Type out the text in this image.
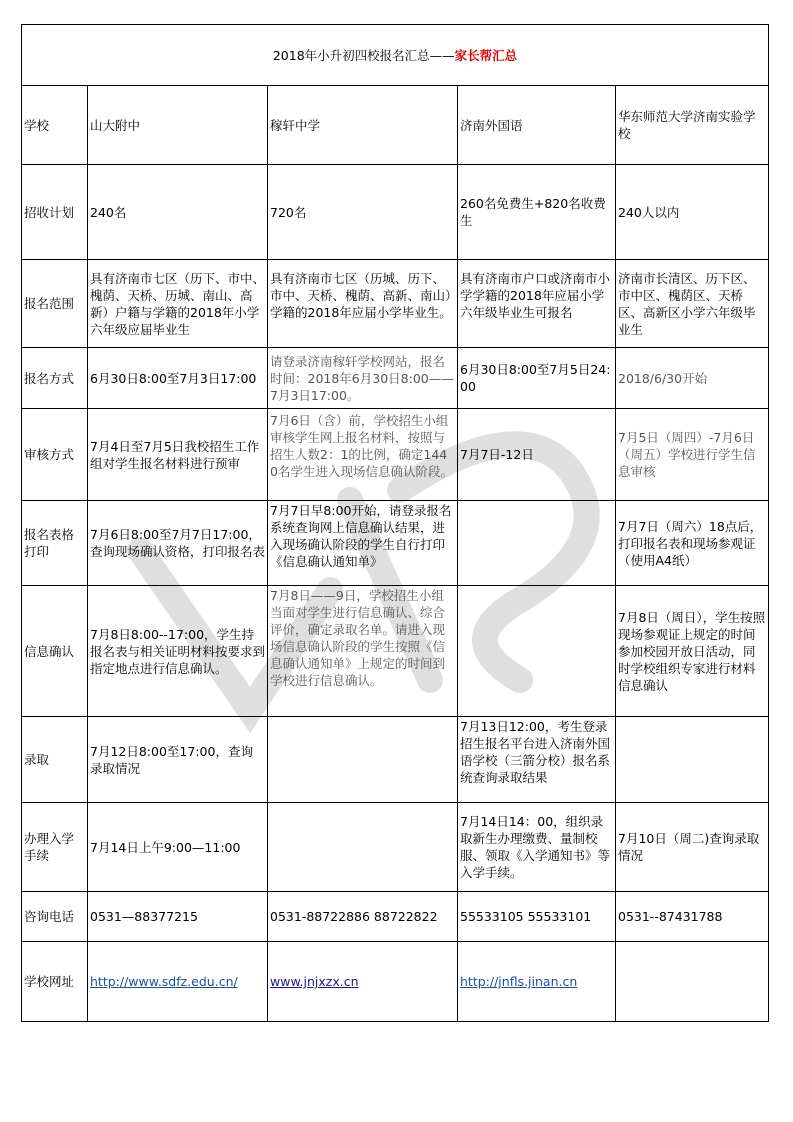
2018年小升初四校报名汇总——家长帮汇总				
学校	山大附中	稼轩中学	济南外国语	华东师范大学济南实验学校
招收计划	240名	720名	260名免费生+820名收费生	240人以内
报名范围	具有济南市七区（历下、市中、槐荫、天桥、历城、南山、高新）户籍与学籍的2018年小学六年级应届毕业生	具有济南市七区（历城、历下、市中、天桥、槐荫、高新、南山）学籍的2018年应届小学毕业生。	具有济南市户口或济南市小学学籍的2018年应届小学六年级毕业生可报名	济南市长清区、历下区、市中区、槐荫区、天桥区、高新区小学六年级毕业生

报名方式	6月30日8:00至7月3日17:00	请登录济南稼轩学校网站，报名时间：2018年6月30日8:00——7月3日17:00。	6月30日8:00至7月5日24:00	2018/6/30开始
审核方式	7月4日至7月5日我校招生工作组对学生报名材料进行预审	7月6日（含）前，学校招生小组审核学生网上报名材料，按照与招生人数2：1的比例，确定1440名学生进入现场信息确认阶段。	7月7日-12日	7月5日（周四）-7月6日（周五）学校进行学生信息审核
报名表格打印	7月6日8:00至7月7日17:00，查询现场确认资格，打印报名表	7月7日早8:00开始，请登录报名系统查询网上信息确认结果，进入现场确认阶段的学生自行打印《信息确认通知单》		7月7日（周六）18点后，打印报名表和现场参观证（使用A4纸）
信息确认	7月8日8:00--17:00，学生持报名表与相关证明材料按要求到指定地点进行信息确认。	7月8日——9日，学校招生小组当面对学生进行信息确认、综合评价，确定录取名单。请进入现场信息确认阶段的学生按照《信息确认通知单》上规定的时间到学校进行信息确认。		7月8日（周日），学生按照现场参观证上规定的时间参加校园开放日活动，同时学校组织专家进行材料信息确认
录取	7月12日8:00至17:00，查询录取情况		7月13日12:00，考生登录招生报名平台进入济南外国语学校（三箭分校）报名系统查询录取结果	

办理入学手续	7月14日上午9:00—11:00		7月14日14：00，组织录取新生办理缴费、量制校服、领取《入学通知书》等入学手续。	7月10日（周二)查询录取情况
咨询电话	0531—88377215	0531-88722886 88722822	55533105 55533101	0531--87431788
学校网址	http://www.sdfz.edu.cn/	www.jnjxzx.cn	http://jnfls.jinan.cn	
